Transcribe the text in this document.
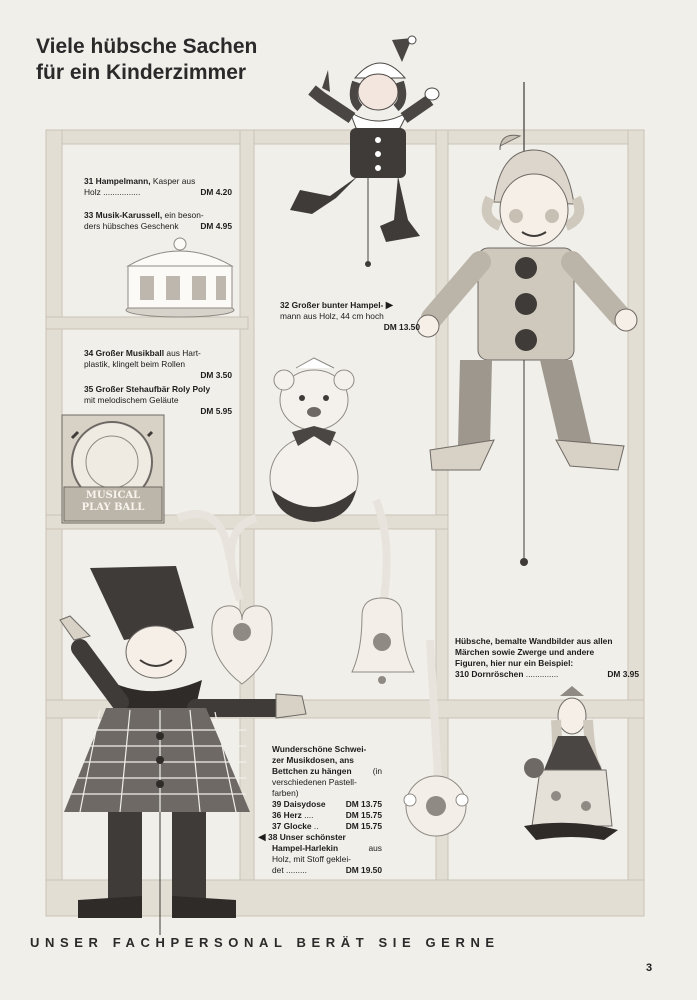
Viele hübsche Sachen
für ein Kinderzimmer
31 Hampelmann, Kasper aus
Holz ................	DM 4.20
33 Musik-Karussell, ein beson-
ders hübsches Geschenk	DM 4.95
32 Großer bunter Hampel- ▶
mann aus Holz, 44 cm hoch
DM 13.50
34 Großer Musikball aus Hart-
plastik, klingelt beim Rollen
DM 3.50
35 Großer Stehaufbär Roly Poly
mit melodischem Geläute
DM 5.95
MUSICAL
PLAY BALL
Hübsche, bemalte Wandbilder aus allen
Märchen sowie Zwerge und andere
Figuren, hier nur ein Beispiel:
310 Dornröschen ..............	DM 3.95
Wunderschöne Schwei-
zer Musikdosen, ans
Bettchen zu hängen	(in
verschiedenen Pastell-
farben)
39 Daisydose DM 13.75
36 Herz ....	DM 15.75
37 Glocke ..	DM 15.75
◀ 38 Unser schönster
Hampel-Harlekin	aus
Holz, mit Stoff geklei-
det .........	DM 19.50
UNSER FACHPERSONAL BERÄT SIE GERNE
3
